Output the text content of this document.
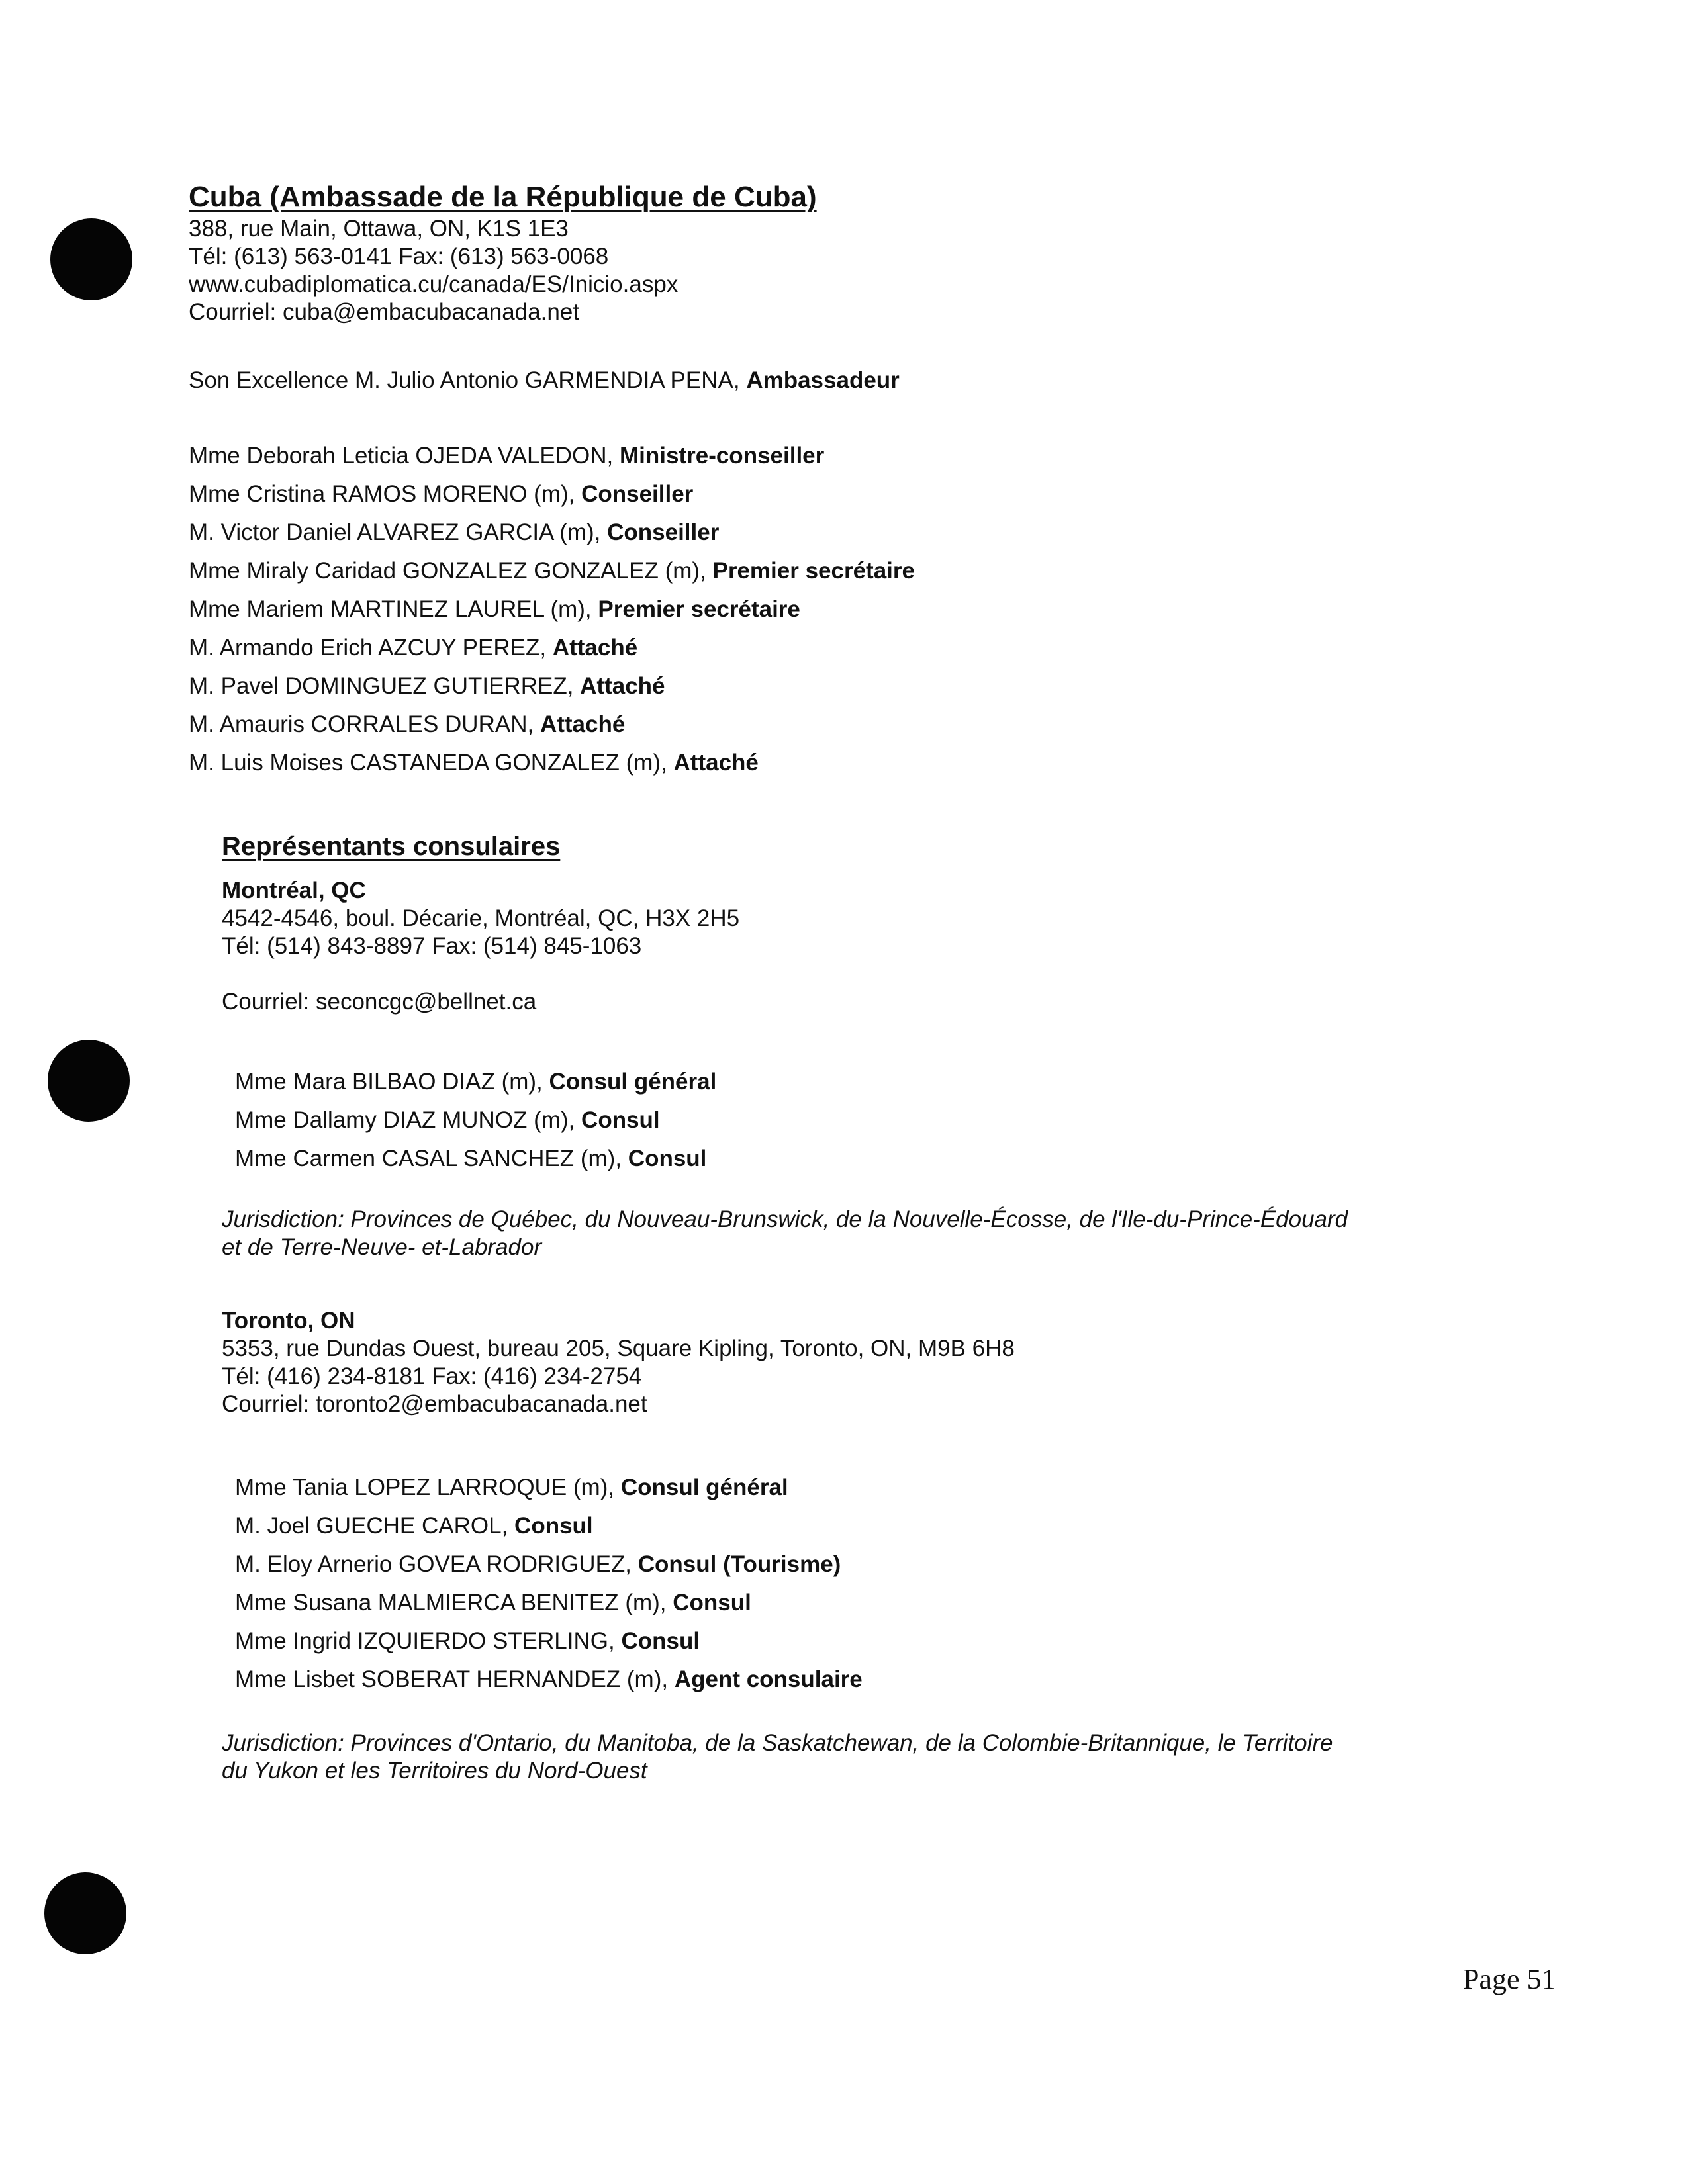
Cuba (Ambassade de la République de Cuba)
388, rue Main, Ottawa, ON, K1S 1E3
Tél: (613) 563-0141 Fax: (613) 563-0068
www.cubadiplomatica.cu/canada/ES/Inicio.aspx
Courriel: cuba@embacubacanada.net
Son Excellence M. Julio Antonio GARMENDIA PENA, Ambassadeur
Mme Deborah Leticia OJEDA VALEDON, Ministre-conseiller
Mme Cristina RAMOS MORENO (m), Conseiller
M. Victor Daniel ALVAREZ GARCIA (m), Conseiller
Mme Miraly Caridad GONZALEZ GONZALEZ (m), Premier secrétaire
Mme Mariem MARTINEZ LAUREL (m), Premier secrétaire
M. Armando Erich AZCUY PEREZ, Attaché
M. Pavel DOMINGUEZ GUTIERREZ, Attaché
M. Amauris CORRALES DURAN, Attaché
M. Luis Moises CASTANEDA GONZALEZ (m), Attaché
Représentants consulaires
Montréal, QC
4542-4546, boul. Décarie, Montréal, QC, H3X 2H5
Tél: (514) 843-8897 Fax: (514) 845-1063
Courriel: seconcgc@bellnet.ca
Mme Mara BILBAO DIAZ (m), Consul général
Mme Dallamy DIAZ MUNOZ (m), Consul
Mme Carmen CASAL SANCHEZ (m), Consul
Jurisdiction: Provinces de Québec, du Nouveau-Brunswick, de la Nouvelle-Écosse, de l'Ile-du-Prince-Édouard et de Terre-Neuve- et-Labrador
Toronto, ON
5353, rue Dundas Ouest, bureau 205, Square Kipling, Toronto, ON, M9B 6H8
Tél: (416) 234-8181 Fax: (416) 234-2754
Courriel: toronto2@embacubacanada.net
Mme Tania LOPEZ LARROQUE (m), Consul général
M. Joel GUECHE CAROL, Consul
M. Eloy Arnerio GOVEA RODRIGUEZ, Consul (Tourisme)
Mme Susana MALMIERCA BENITEZ (m), Consul
Mme Ingrid IZQUIERDO STERLING, Consul
Mme Lisbet SOBERAT HERNANDEZ (m), Agent consulaire
Jurisdiction: Provinces d'Ontario, du Manitoba, de la Saskatchewan, de la Colombie-Britannique, le Territoire du Yukon et les Territoires du Nord-Ouest
Page 51
